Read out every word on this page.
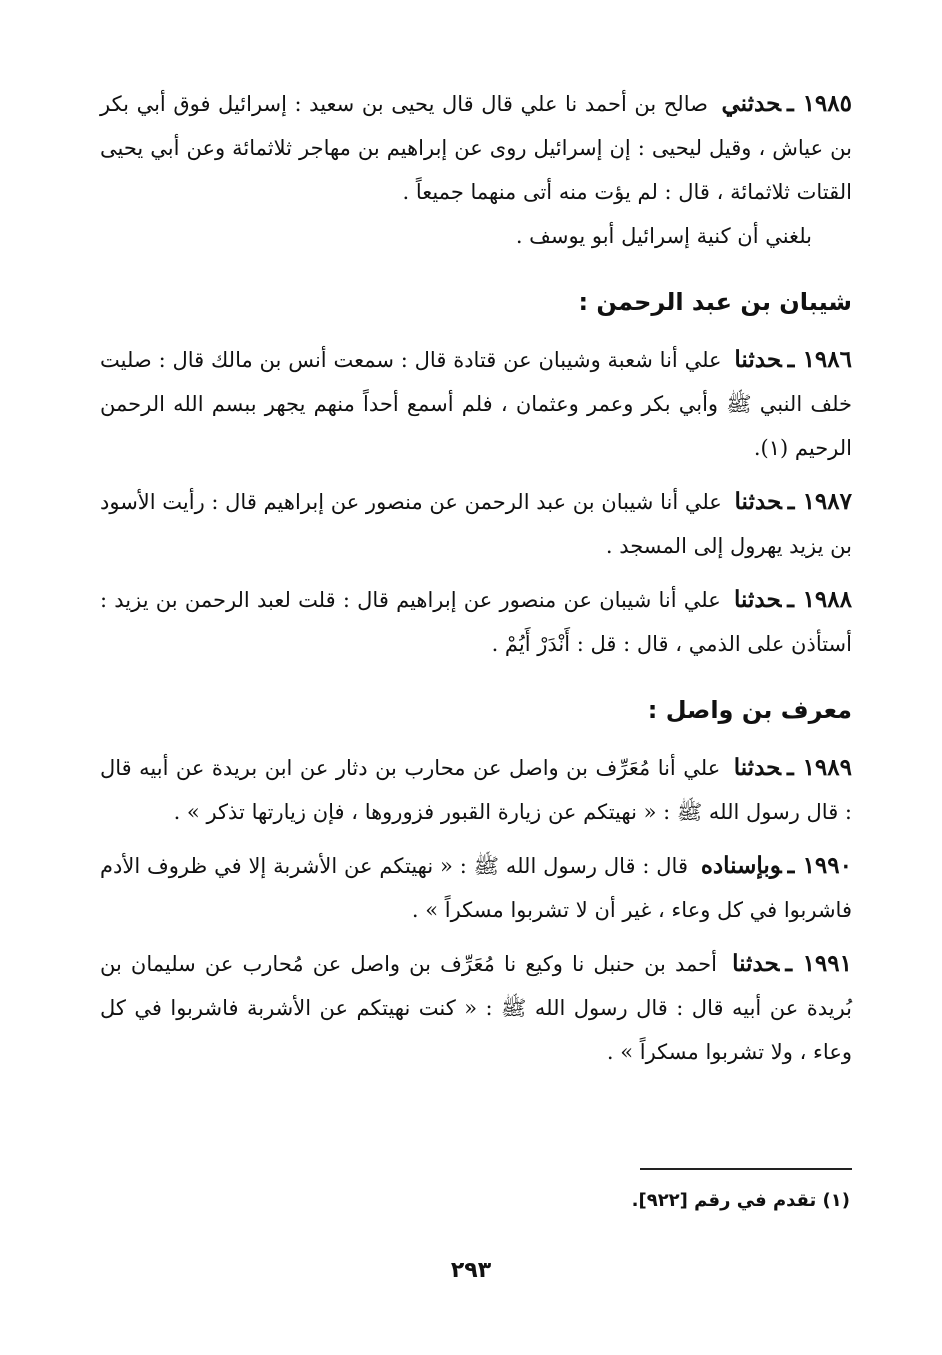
١٩٨٥ ـحدثني صالح بن أحمد نا علي قال قال يحيى بن سعيد : إسرائيل فوق أبي بكر بن عياش ، وقيل ليحيى : إن إسرائيل روى عن إبراهيم بن مهاجر ثلاثمائة وعن أبي يحيى القتات ثلاثمائة ، قال : لم يؤت منه أتى منهما جميعاً .

بلغني أن كنية إسرائيل أبو يوسف .

شيبان بن عبد الرحمن :

١٩٨٦ ـحدثنا علي أنا شعبة وشيبان عن قتادة قال : سمعت أنس بن مالك قال : صليت خلف النبي ﷺ وأبي بكر وعمر وعثمان ، فلم أسمع أحداً منهم يجهر ببسم الله الرحمن الرحيم (١).

١٩٨٧ ـحدثنا علي أنا شيبان بن عبد الرحمن عن منصور عن إبراهيم قال : رأيت الأسود بن يزيد يهرول إلى المسجد .

١٩٨٨ ـحدثنا علي أنا شيبان عن منصور عن إبراهيم قال : قلت لعبد الرحمن بن يزيد : أستأذن على الذمي ، قال : قل : أَنْدَرْ أَيُمْ .

معرف بن واصل :

١٩٨٩ ـحدثنا علي أنا مُعَرِّف بن واصل عن محارب بن دثار عن ابن بريدة عن أبيه قال : قال رسول الله ﷺ : « نهيتكم عن زيارة القبور فزوروها ، فإن زيارتها تذكر » .

١٩٩٠ ـوبإسناده قال : قال رسول الله ﷺ : « نهيتكم عن الأشربة إلا في ظروف الأدم فاشربوا في كل وعاء ، غير أن لا تشربوا مسكراً » .

١٩٩١ ـحدثنا أحمد بن حنبل نا وكيع نا مُعَرِّف بن واصل عن مُحارب عن سليمان بن بُريدة عن أبيه قال : قال رسول الله ﷺ : « كنت نهيتكم عن الأشربة فاشربوا في كل وعاء ، ولا تشربوا مسكراً » .

(١) تقدم في رقم [٩٢٢].
٢٩٣
